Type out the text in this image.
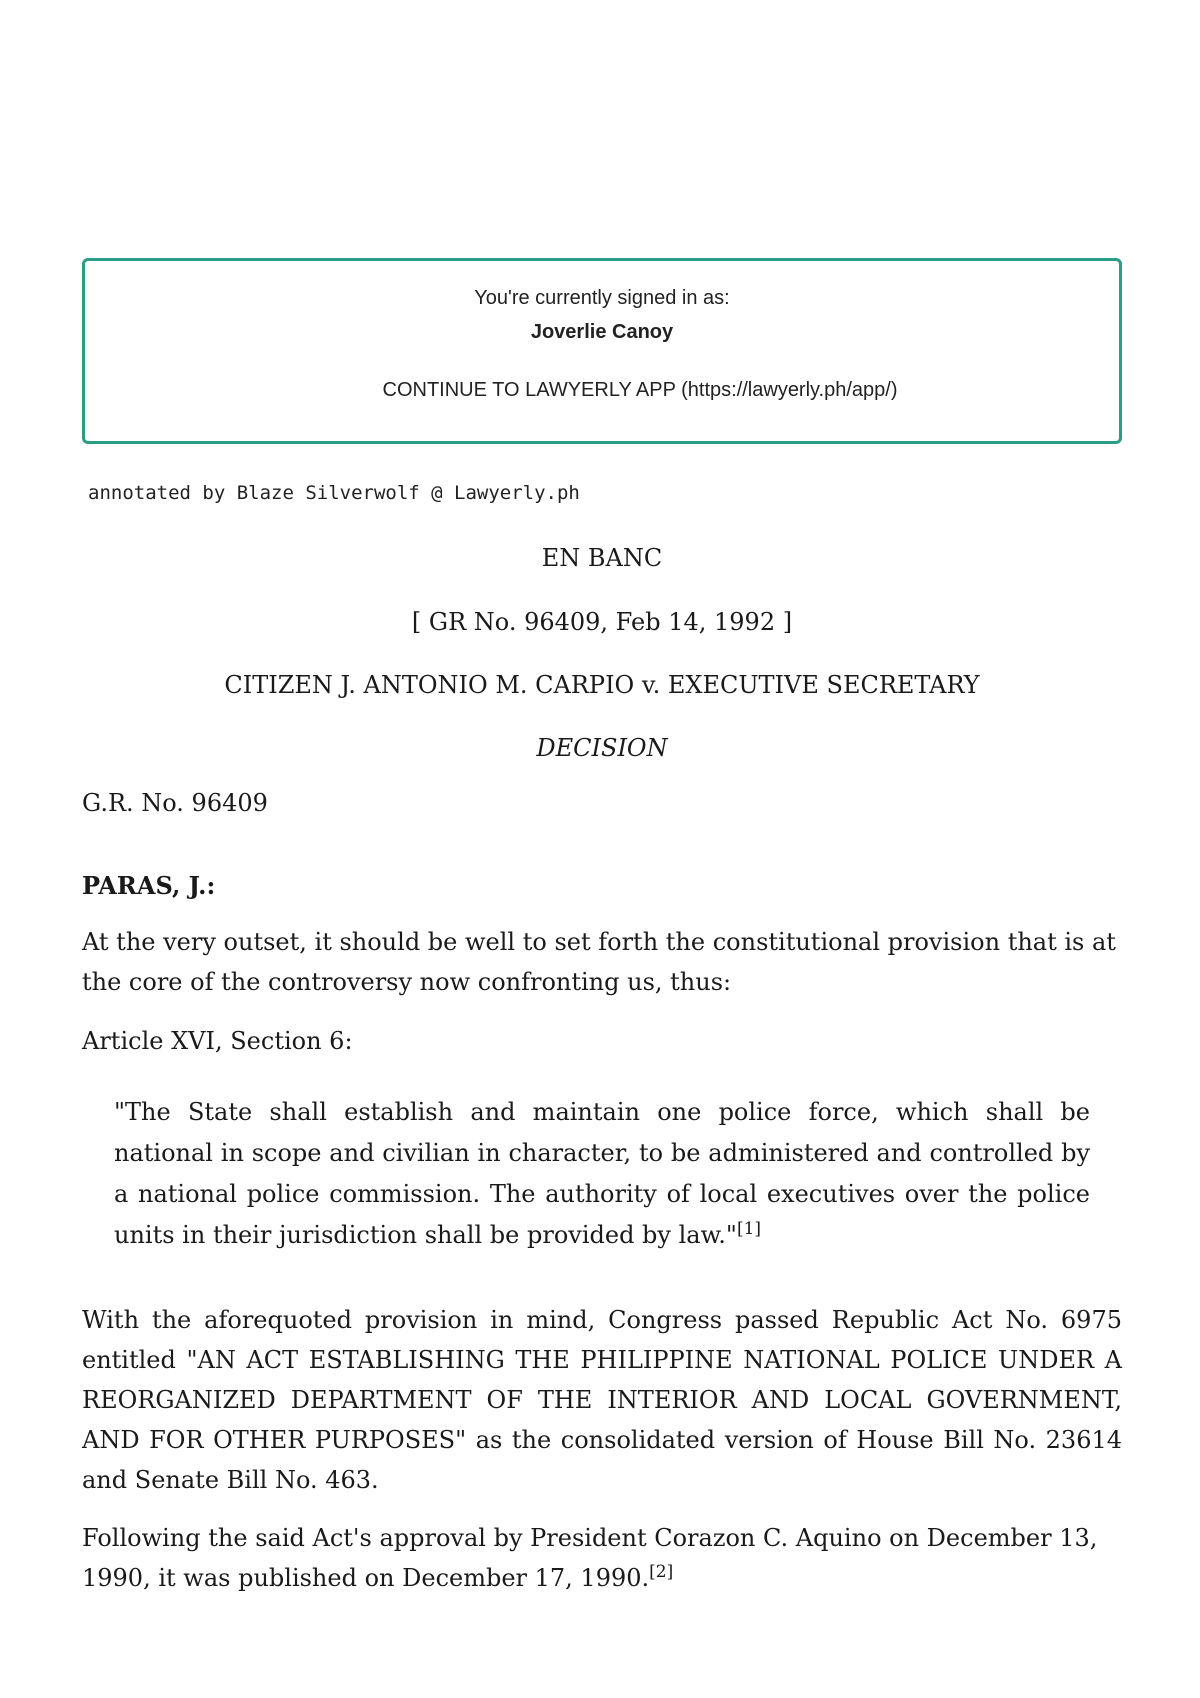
You're currently signed in as:
Joverlie Canoy
CONTINUE TO LAWYERLY APP (https://lawyerly.ph/app/)
annotated by Blaze Silverwolf @ Lawyerly.ph
EN BANC
[ GR No. 96409, Feb 14, 1992 ]
CITIZEN J. ANTONIO M. CARPIO v. EXECUTIVE SECRETARY
DECISION
G.R. No. 96409
PARAS, J.:
At the very outset, it should be well to set forth the constitutional provision that is at the core of the controversy now confronting us, thus:
Article XVI, Section 6:
"The State shall establish and maintain one police force, which shall be national in scope and civilian in character, to be administered and controlled by a national police commission. The authority of local executives over the police units in their jurisdiction shall be provided by law."[1]
With the aforequoted provision in mind, Congress passed Republic Act No. 6975 entitled "AN ACT ESTABLISHING THE PHILIPPINE NATIONAL POLICE UNDER A REORGANIZED DEPARTMENT OF THE INTERIOR AND LOCAL GOVERNMENT, AND FOR OTHER PURPOSES" as the consolidated version of House Bill No. 23614 and Senate Bill No. 463.
Following the said Act's approval by President Corazon C. Aquino on December 13, 1990, it was published on December 17, 1990.[2]
